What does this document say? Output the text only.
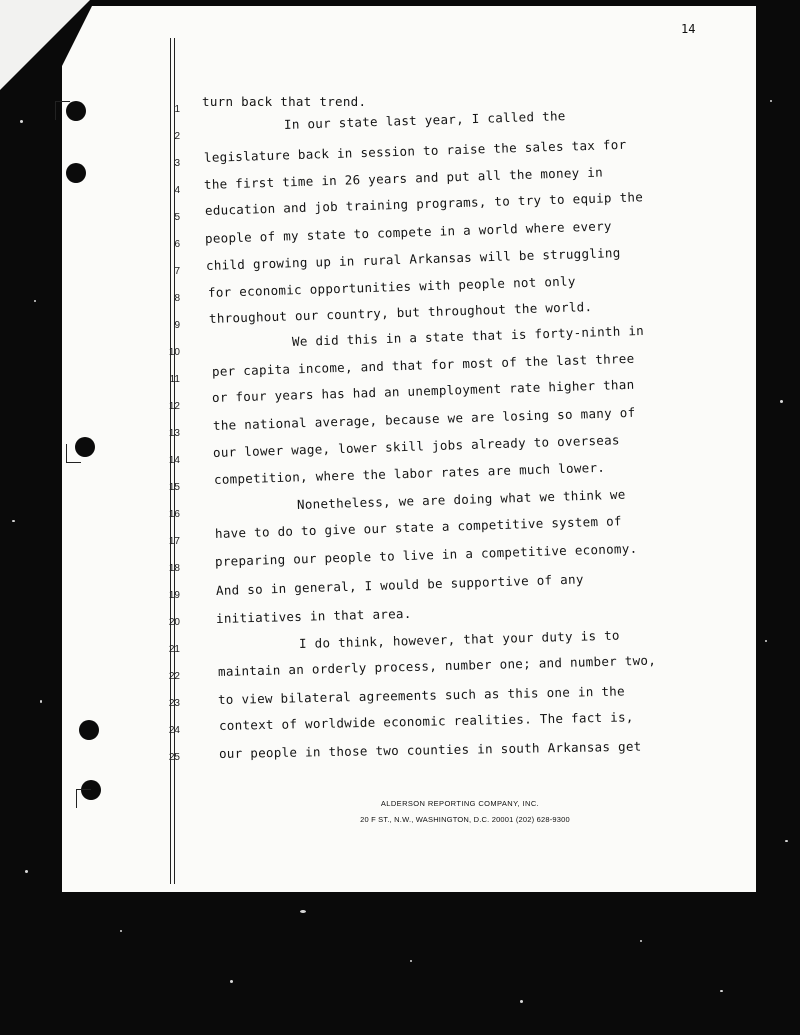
14
1
2
3
4
5
6
7
8
9
10
11
12
13
14
15
16
17
18
19
20
21
22
23
24
25
turn back that trend.
In our state last year, I called the
legislature back in session to raise the sales tax for
the first time in 26 years and put all the money in
education and job training programs, to try to equip the
people of my state to compete in a world where every
child growing up in rural Arkansas will be struggling
for economic opportunities with people not only
throughout our country, but throughout the world.
We did this in a state that is forty-ninth in
per capita income, and that for most of the last three
or four years has had an unemployment rate higher than
the national average, because we are losing so many of
our lower wage, lower skill jobs already to overseas
competition, where the labor rates are much lower.
Nonetheless, we are doing what we think we
have to do to give our state a competitive system of
preparing our people to live in a competitive economy.
And so in general, I would be supportive of any
initiatives in that area.
I do think, however, that your duty is to
maintain an orderly process, number one; and number two,
to view bilateral agreements such as this one in the
context of worldwide economic realities. The fact is,
our people in those two counties in south Arkansas get
ALDERSON REPORTING COMPANY, INC.
20 F ST., N.W., WASHINGTON, D.C. 20001 (202) 628-9300
